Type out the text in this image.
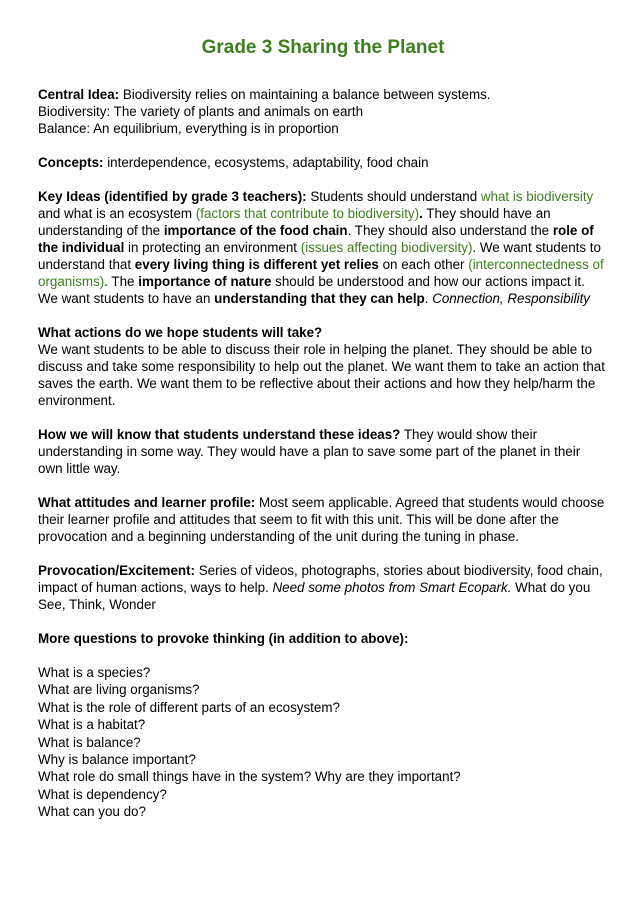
Grade 3 Sharing the Planet
Central Idea: Biodiversity relies on maintaining a balance between systems.
Biodiversity: The variety of plants and animals on earth
Balance: An equilibrium, everything is in proportion
Concepts: interdependence, ecosystems, adaptability, food chain
Key Ideas (identified by grade 3 teachers): Students should understand what is biodiversity and what is an ecosystem (factors that contribute to biodiversity). They should have an understanding of the importance of the food chain. They should also understand the role of the individual in protecting an environment (issues affecting biodiversity). We want students to understand that every living thing is different yet relies on each other (interconnectedness of organisms). The importance of nature should be understood and how our actions impact it. We want students to have an understanding that they can help. Connection, Responsibility
What actions do we hope students will take?
We want students to be able to discuss their role in helping the planet. They should be able to discuss and take some responsibility to help out the planet. We want them to take an action that saves the earth. We want them to be reflective about their actions and how they help/harm the environment.
How we will know that students understand these ideas? They would show their understanding in some way. They would have a plan to save some part of the planet in their own little way.
What attitudes and learner profile: Most seem applicable. Agreed that students would choose their learner profile and attitudes that seem to fit with this unit. This will be done after the provocation and a beginning understanding of the unit during the tuning in phase.
Provocation/Excitement: Series of videos, photographs, stories about biodiversity, food chain, impact of human actions, ways to help. Need some photos from Smart Ecopark. What do you See, Think, Wonder
More questions to provoke thinking (in addition to above):
What is a species?
What are living organisms?
What is the role of different parts of an ecosystem?
What is a habitat?
What is balance?
Why is balance important?
What role do small things have in the system? Why are they important?
What is dependency?
What can you do?
